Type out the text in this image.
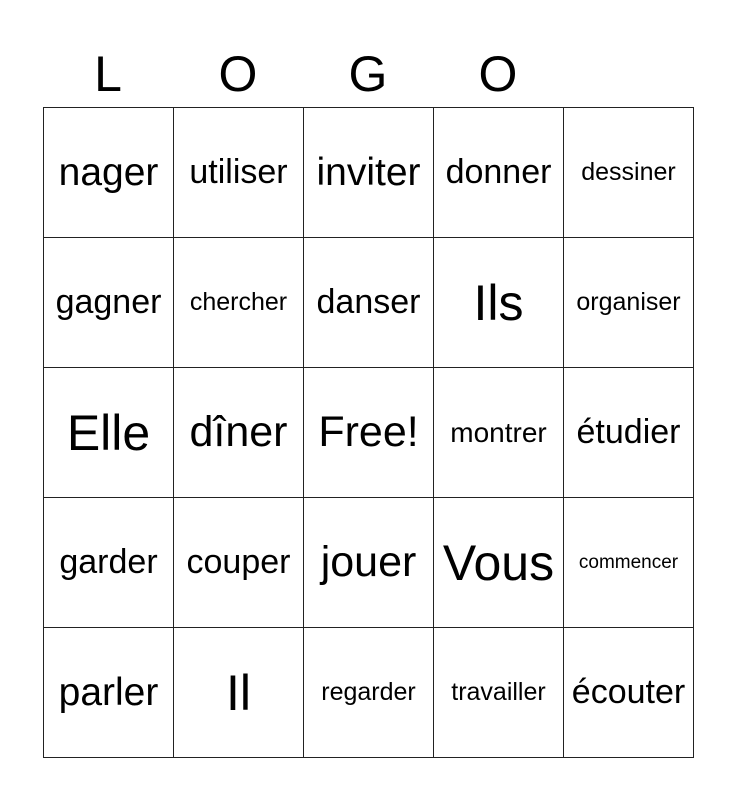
L	O	G	O
nager	utiliser	inviter	donner	dessiner
gagner	chercher	danser	Ils	organiser
Elle	dîner	Free!	montrer	étudier
garder	couper	jouer	Vous	commencer
parler	Il	regarder	travailler	écouter
